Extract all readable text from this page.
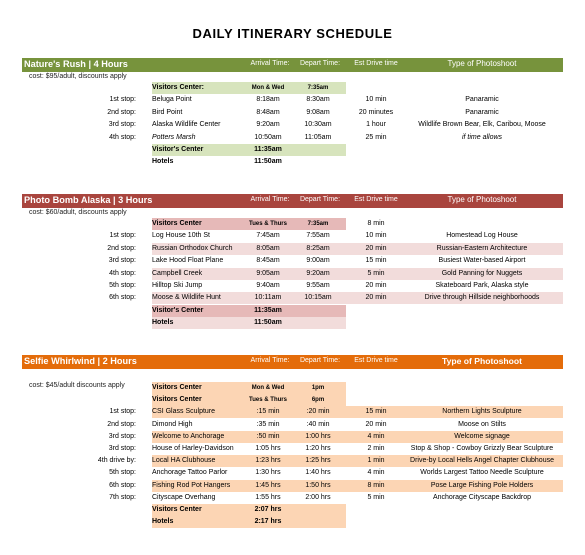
DAILY ITINERARY SCHEDULE
Nature's Rush | 4 Hours	Arrival Time:	Depart Time:	Est Drive time	Type of Photoshoot
cost: $95/adult, discounts apply
Visitors Center:	Mon & Wed	7:35am
1st stop: Beluga Point	8:18am	8:30am	10 min	Panaramic
2nd stop: Bird Point	8:48am	9:08am	20 minutes	Panaramic
3rd stop: Alaska Wildlife Center	9:20am	10:30am	1 hour	Wildlife Brown Bear, Elk, Caribou, Moose
4th stop: Potters Marsh	10:50am	11:05am	25 min	if time allows
Visitor's Center	11:35am
Hotels	11:50am
Photo Bomb Alaska | 3 Hours	Arrival Time:	Depart Time:	Est Drive time	Type of Photoshoot
cost: $60/adult, discounts apply
Visitors Center	Tues & Thurs	7:35am	8 min
1st stop: Log House 10th St	7:45am	7:55am	10 min	Homestead Log House
2nd stop: Russian Orthodox Church	8:05am	8:25am	20 min	Russian-Eastern Architecture
3rd stop: Lake Hood Float Plane	8:45am	9:00am	15 min	Busiest Water-based Airport
4th stop: Campbell Creek	9:05am	9:20am	5 min	Gold Panning for Nuggets
5th stop: Hilltop Ski Jump	9:40am	9:55am	20 min	Skateboard Park, Alaska style
6th stop: Moose & Wildlife Hunt	10:11am	10:15am	20 min	Drive through Hillside neighborhoods
Visitor's Center	11:35am
Hotels	11:50am
Selfie Whirlwind | 2 Hours	Arrival Time:	Depart Time:	Est Drive time	Type of Photoshoot
cost: $45/adult discounts apply	Visitors Center	Mon & Wed	1pm
Visitors Center	Tues & Thurs	6pm
1st stop: CSI Glass Sculpture	:15 min	:20 min	15 min	Northern Lights Sculpture
2nd stop: Dimond High	:35 min	:40 min	20 min	Moose on Stilts
3rd stop: Welcome to Anchorage	:50 min	1:00 hrs	4 min	Welcome signage
3rd stop: House of Harley-Davidson	1:05 hrs	1:20 hrs	2 min	Stop & Shop - Cowboy Grizzly Bear Sculpture
4th drive by: Local HA Clubhouse	1:23 hrs	1:25 hrs	1 min	Drive-by Local Hells Angel Chapter Clubhouse
5th stop: Anchorage Tattoo Parlor	1:30 hrs	1:40 hrs	4 min	Worlds Largest Tattoo Needle Sculpture
6th stop: Fishing Rod Pot Hangers	1:45 hrs	1:50 hrs	8 min	Pose Large Fishing Pole Holders
7th stop: Cityscape Overhang	1:55 hrs	2:00 hrs	5 min	Anchorage Cityscape Backdrop
Visitors Center	2:07 hrs
Hotels	2:17 hrs
